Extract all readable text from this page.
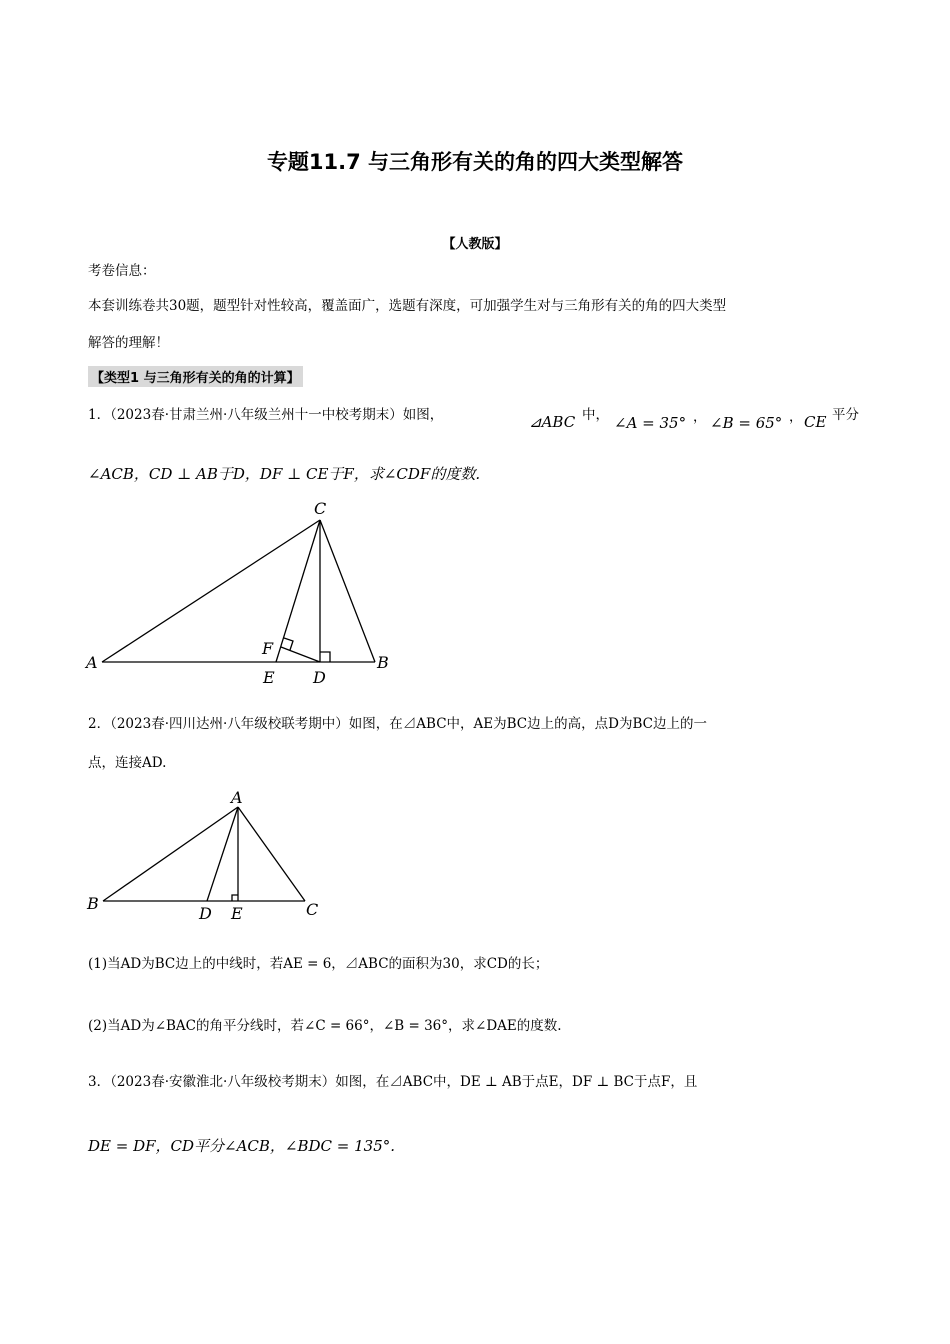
专题11.7 与三角形有关的角的四大类型解答
【人教版】
考卷信息：
本套训练卷共30题，题型针对性较高，覆盖面广，选题有深度，可加强学生对与三角形有关的角的四大类型
解答的理解！
【类型1 与三角形有关的角的计算】
1．（2023春·甘肃兰州·八年级兰州十一中校考期末）如图，	⊿ABC 中， ∠A = 35° ， ∠B = 65° ， CE 平分
∠ACB，CD ⊥ AB于D，DF ⊥ CE于F，求∠CDF的度数.
C
A	B
F
E D
2．（2023春·四川达州·八年级校联考期中）如图，在⊿ABC中，AE为BC边上的高，点D为BC边上的一
点，连接AD.
A
B
D E	C
(1)当AD为BC边上的中线时，若AE = 6，⊿ABC的面积为30，求CD的长；
(2)当AD为∠BAC的角平分线时，若∠C = 66°，∠B = 36°，求∠DAE的度数.
3．（2023春·安徽淮北·八年级校考期末）如图，在⊿ABC中，DE ⊥ AB于点E，DF ⊥ BC于点F，且
DE = DF，CD平分∠ACB，∠BDC = 135°.
